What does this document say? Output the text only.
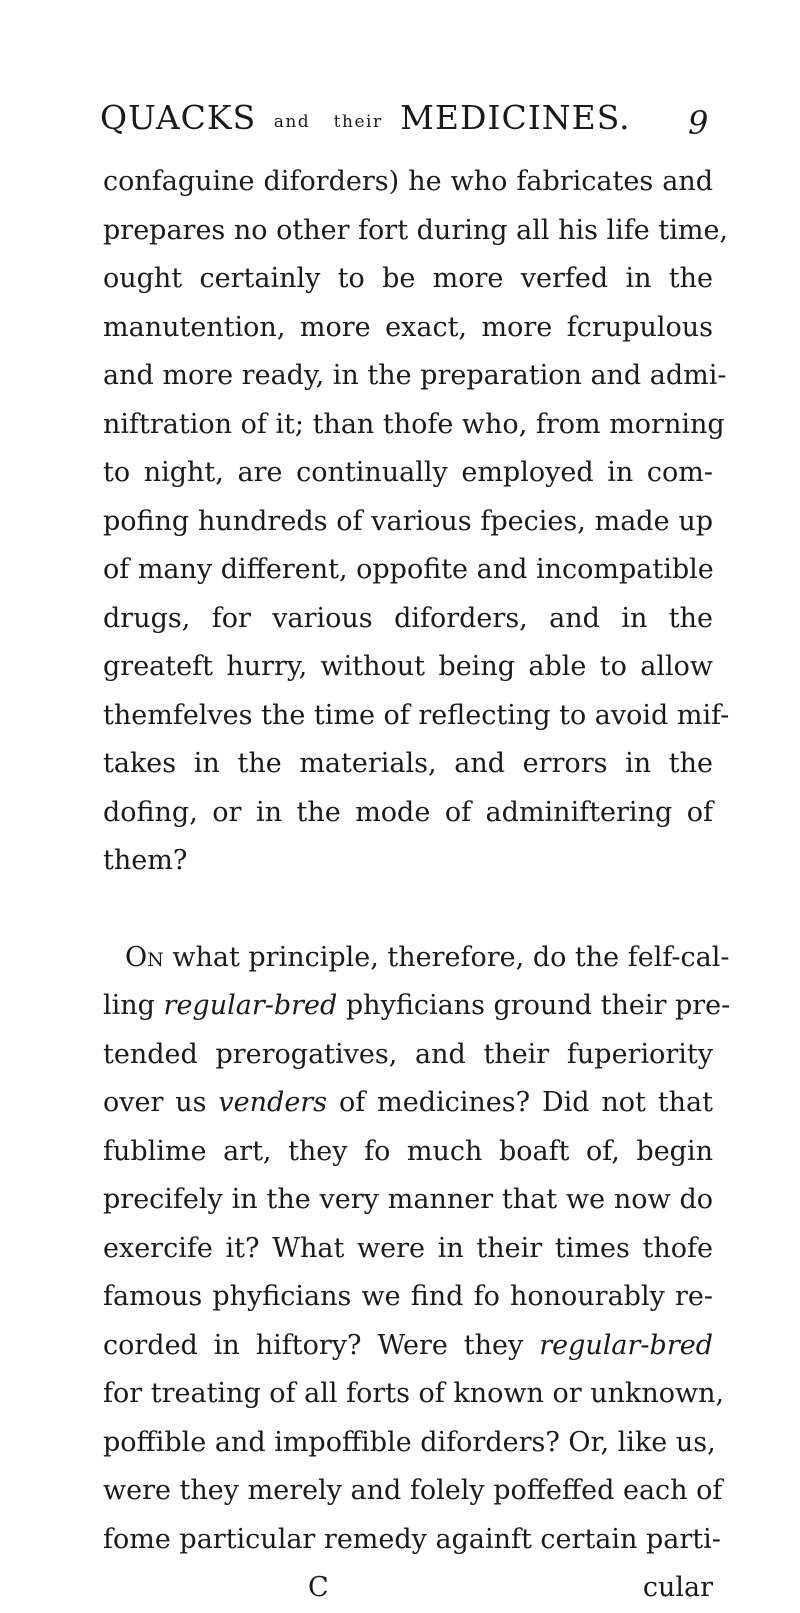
QUACKS and their MEDICINES.	9
confaguine diforders) he who fabricates and
prepares no other fort during all his life time,
ought certainly to be more verfed in the
manutention, more exact, more fcrupulous
and more ready, in the preparation and admi-
niftration of it; than thofe who, from morning
to night, are continually employed in com-
pofing hundreds of various fpecies, made up
of many different, oppofite and incompatible
drugs, for various diforders, and in the
greateft hurry, without being able to allow
themfelves the time of reflecting to avoid mif-
takes in the materials, and errors in the
dofing, or in the mode of adminiftering of
them?
On what principle, therefore, do the felf-cal-
ling regular-bred phyficians ground their pre-
tended prerogatives, and their fuperiority
over us venders of medicines? Did not that
fublime art, they fo much boaft of, begin
precifely in the very manner that we now do
exercife it? What were in their times thofe
famous phyficians we find fo honourably re-
corded in hiftory? Were they regular-bred
for treating of all forts of known or unknown,
poffible and impoffible diforders? Or, like us,
were they merely and folely poffeffed each of
fome particular remedy againft certain parti-
C	cular
